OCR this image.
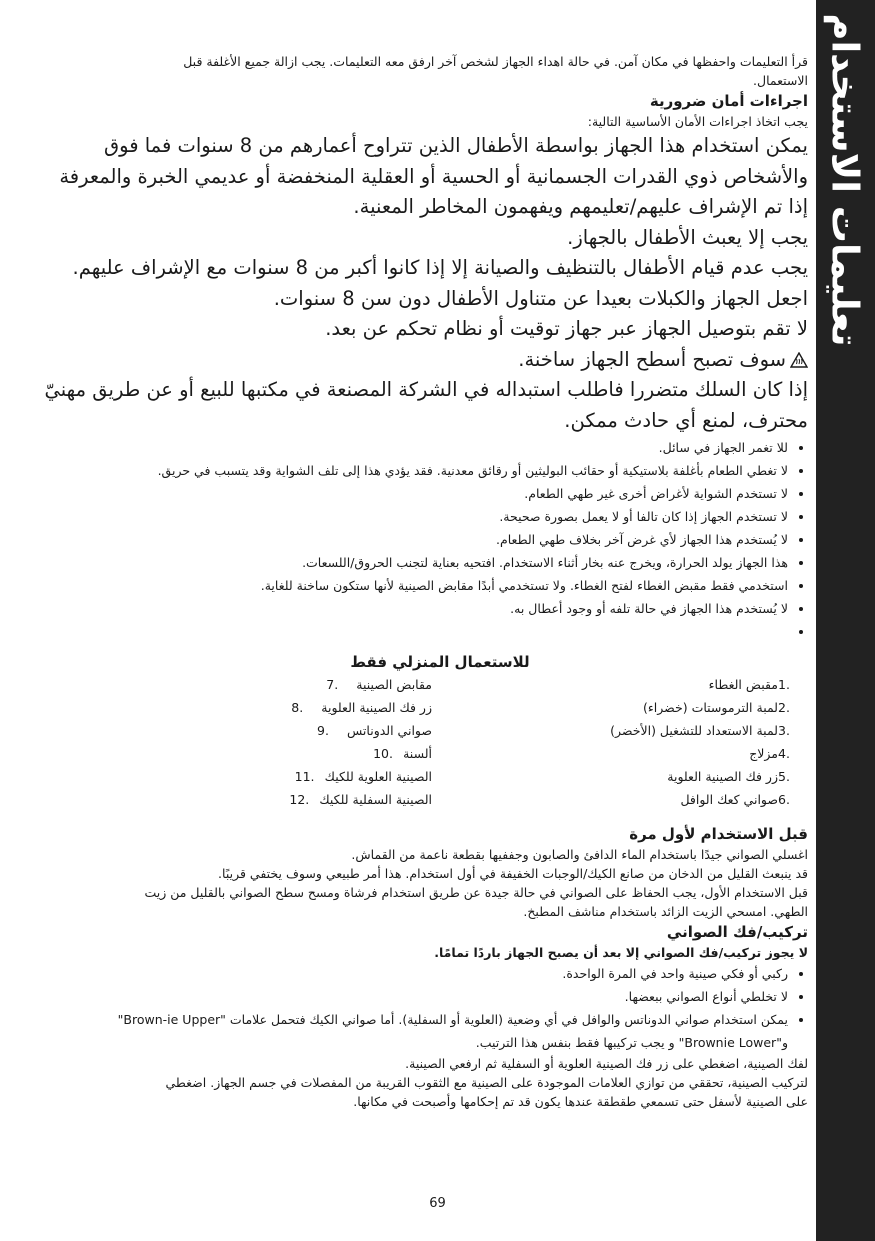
تعليمات الاستخدام

قرأ التعليمات واحفظها في مكان آمن. في حالة اهداء الجهاز لشخص آخر ارفق معه التعليمات. يجب ازالة جميع الأغلفة قبل

الاستعمال.

اجراءات أمان ضرورية

يجب اتخاذ اجراءات الأمان الأساسية التالية:

يمكن استخدام هذا الجهاز بواسطة الأطفال الذين تتراوح أعمارهم من 8 سنوات فما فوق

والأشخاص ذوي القدرات الجسمانية أو الحسية أو العقلية المنخفضة أو عديمي الخبرة والمعرفة

إذا تم الإشراف عليهم/تعليمهم ويفهمون المخاطر المعنية.

يجب إلا يعبث الأطفال بالجهاز.

يجب عدم قيام الأطفال بالتنظيف والصيانة إلا إذا كانوا أكبر من 8 سنوات مع الإشراف عليهم.

اجعل الجهاز والكبلات بعيدا عن متناول الأطفال دون سن 8 سنوات.

لا تقم بتوصيل الجهاز عبر جهاز توقيت أو نظام تحكم عن بعد.

سوف تصبح أسطح الجهاز ساخنة.

إذا كان السلك متضررا فاطلب استبداله في الشركة المصنعة في مكتبها للبيع أو عن طريق مهنيّ

محترف، لمنع أي حادث ممكن.

• للا تغمر الجهاز في سائل.
• لا تغطي الطعام بأغلفة بلاستيكية أو حقائب البوليثين أو رقائق معدنية. فقد يؤدي هذا إلى تلف الشواية وقد يتسبب في حريق.
• لا تستخدم الشواية لأغراض أخرى غير طهي الطعام.
• لا تستخدم الجهاز إذا كان تالفا أو لا يعمل بصورة صحيحة.
• لا يُستخدم هذا الجهاز لأي غرض آخر بخلاف طهي الطعام.
• هذا الجهاز يولد الحرارة، ويخرج عنه بخار أثناء الاستخدام. افتحيه بعناية لتجنب الحروق/اللسعات.
• استخدمي فقط مقبض الغطاء لفتح الغطاء. ولا تستخدمي أبدًا مقابض الصينية لأنها ستكون ساخنة للغاية.
• لا يُستخدم هذا الجهاز في حالة تلفه أو وجود أعطال به.
•

للاستعمال المنزلي فقط

7.	مقابض الصينية
8.	زر فك الصينية العلوية
9.	صواني الدوناتس
10. ألسنة
11. الصينية العلوية للكيك
12. الصينية السفلية للكيك
1.
مقبض الغطاء
2.
لمبة الترموستات (خضراء)
3.
لمبة الاستعداد للتشغيل (الأخضر)
4.
مزلاج
5.
زر فك الصينية العلوية
6.
صواني كعك الوافل

قبل الاستخدام لأول مرة

اغسلي الصواني جيدًا باستخدام الماء الدافئ والصابون وجففيها بقطعة ناعمة من القماش.

قد ينبعث القليل من الدخان من صانع الكيك/الوجبات الخفيفة في أول استخدام. هذا أمر طبيعي وسوف يختفي قريبًا.

قبل الاستخدام الأول، يجب الحفاظ على الصواني في حالة جيدة عن طريق استخدام فرشاة ومسح سطح الصواني بالقليل من زيت

الطهي. امسحي الزيت الزائد باستخدام مناشف المطبخ.

تركيب/فك الصواني

لا يجوز تركيب/فك الصواني إلا بعد أن يصبح الجهاز باردًا تمامًا.

• ركبي أو فكي صينية واحد في المرة الواحدة.
• لا تخلطي أنواع الصواني ببعضها.
• يمكن استخدام صواني الدوناتس والوافل في أي وضعية (العلوية أو السفلية). أما صواني الكيك فتحمل علامات "Brown-ie Upper" و"Brownie Lower" و يجب تركيبها فقط بنفس هذا الترتيب.

لفك الصينية، اضغطي على زر فك الصينية العلوية أو السفلية ثم ارفعي الصينية.

لتركيب الصينية، تحققي من توازي العلامات الموجودة على الصينية مع الثقوب القريبة من المفصلات في جسم الجهاز. اضغطي

على الصينية لأسفل حتى تسمعي طقطقة عندها يكون قد تم إحكامها وأصبحت في مكانها.

69
